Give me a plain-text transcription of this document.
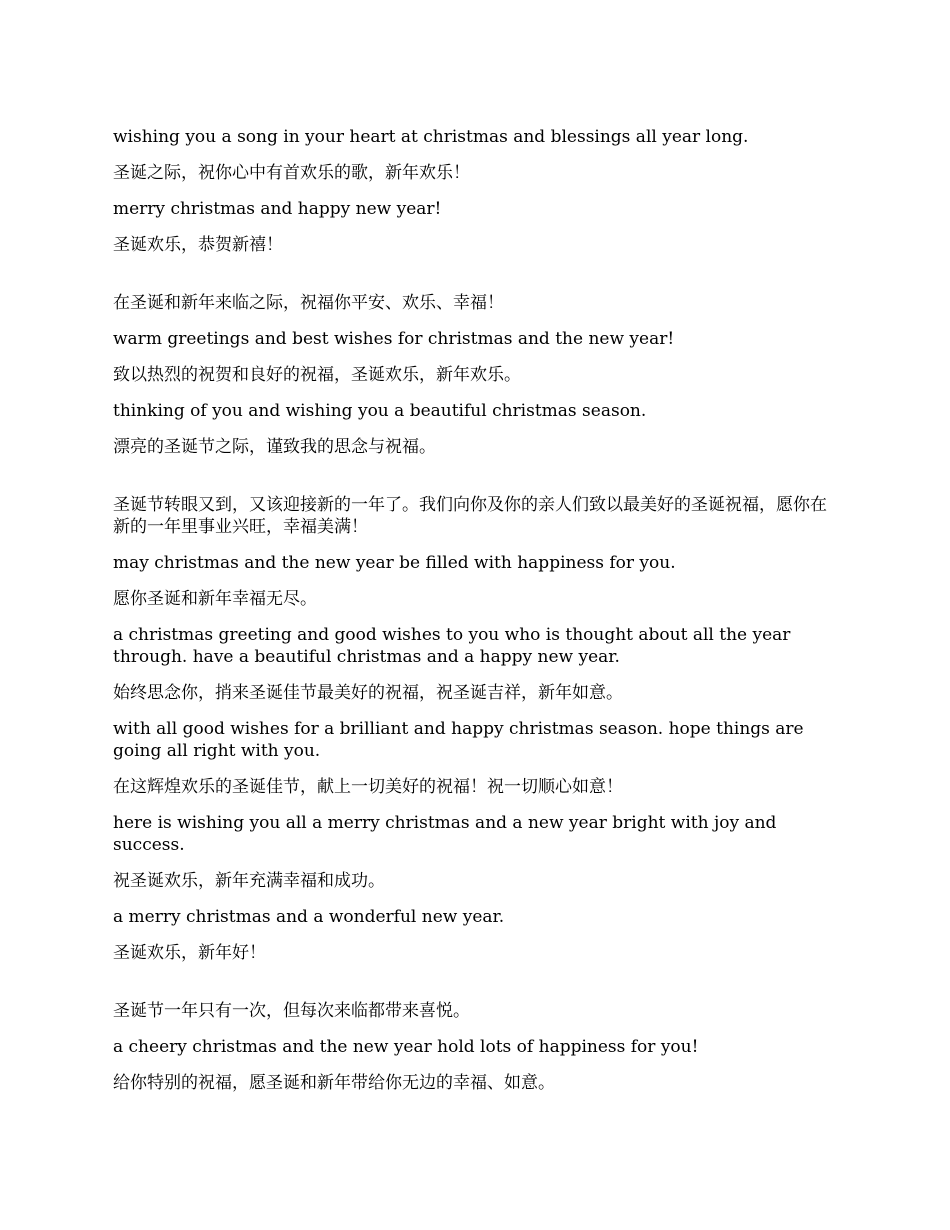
wishing you a song in your heart at christmas and blessings all year long.

圣诞之际，祝你心中有首欢乐的歌，新年欢乐！

merry christmas and happy new year!

圣诞欢乐，恭贺新禧！

在圣诞和新年来临之际，祝福你平安、欢乐、幸福！

warm greetings and best wishes for christmas and the new year!

致以热烈的祝贺和良好的祝福，圣诞欢乐，新年欢乐。

thinking of you and wishing you a beautiful christmas season.

漂亮的圣诞节之际，谨致我的思念与祝福。

圣诞节转眼又到，又该迎接新的一年了。我们向你及你的亲人们致以最美好的圣诞祝福，愿你在新的一年里事业兴旺，幸福美满！

may christmas and the new year be filled with happiness for you.

愿你圣诞和新年幸福无尽。

a christmas greeting and good wishes to you who is thought about all the year through. have a beautiful christmas and a happy new year.

始终思念你，捎来圣诞佳节最美好的祝福，祝圣诞吉祥，新年如意。

with all good wishes for a brilliant and happy christmas season. hope things are going all right with you.

在这辉煌欢乐的圣诞佳节，献上一切美好的祝福！祝一切顺心如意！

here is wishing you all a merry christmas and a new year bright with joy and success.

祝圣诞欢乐，新年充满幸福和成功。

a merry christmas and a wonderful new year.

圣诞欢乐，新年好！

圣诞节一年只有一次，但每次来临都带来喜悦。

a cheery christmas and the new year hold lots of happiness for you!

给你特别的祝福，愿圣诞和新年带给你无边的幸福、如意。
